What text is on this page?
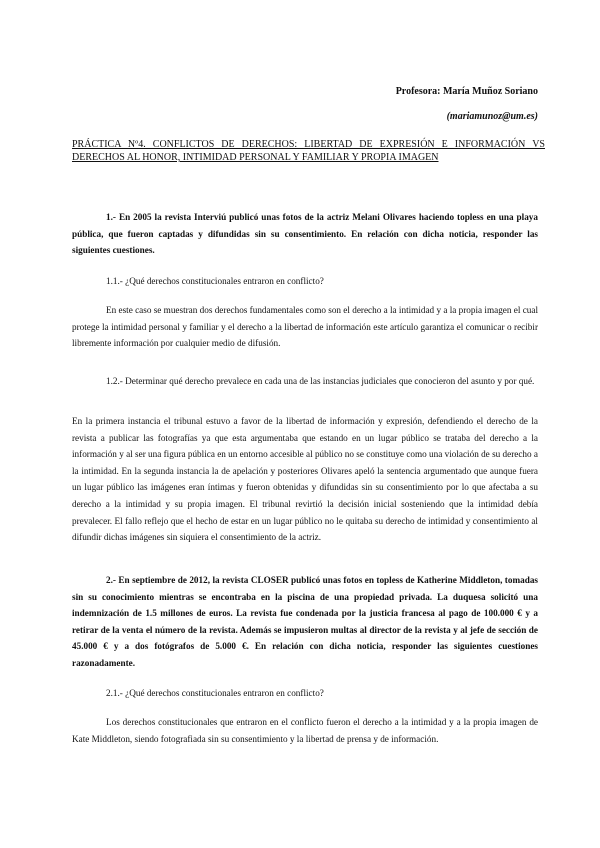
Profesora: María Muñoz Soriano
(mariamunoz@um.es)
PRÁCTICA Nº4. CONFLICTOS DE DERECHOS: LIBERTAD DE EXPRESIÓN E INFORMACIÓN VS DERECHOS AL HONOR, INTIMIDAD PERSONAL Y FAMILIAR Y PROPIA IMAGEN
1.- En 2005 la revista Interviú publicó unas fotos de la actriz Melani Olivares haciendo topless en una playa pública, que fueron captadas y difundidas sin su consentimiento. En relación con dicha noticia, responder las siguientes cuestiones.
1.1.- ¿Qué derechos constitucionales entraron en conflicto?
En este caso se muestran dos derechos fundamentales como son el derecho a la intimidad y a la propia imagen el cual protege la intimidad personal y familiar y el derecho a la libertad de información este artículo garantiza el comunicar o recibir libremente información por cualquier medio de difusión.
1.2.- Determinar qué derecho prevalece en cada una de las instancias judiciales que conocieron del asunto y por qué.
En la primera instancia el tribunal estuvo a favor de la libertad de información y expresión, defendiendo el derecho de la revista a publicar las fotografías ya que esta argumentaba que estando en un lugar público se trataba del derecho a la información y al ser una figura pública en un entorno accesible al público no se constituye como una violación de su derecho a la intimidad. En la segunda instancia la de apelación y posteriores Olivares apeló la sentencia argumentado que aunque fuera un lugar público las imágenes eran íntimas y fueron obtenidas y difundidas sin su consentimiento por lo que afectaba a su derecho a la intimidad y su propia imagen. El tribunal revirtió la decisión inicial sosteniendo que la intimidad debía prevalecer. El fallo reflejo que el hecho de estar en un lugar público no le quitaba su derecho de intimidad y consentimiento al difundir dichas imágenes sin siquiera el consentimiento de la actriz.
2.- En septiembre de 2012, la revista CLOSER publicó unas fotos en topless de Katherine Middleton, tomadas sin su conocimiento mientras se encontraba en la piscina de una propiedad privada. La duquesa solicitó una indemnización de 1.5 millones de euros. La revista fue condenada por la justicia francesa al pago de 100.000 € y a retirar de la venta el número de la revista. Además se impusieron multas al director de la revista y al jefe de sección de 45.000 € y a dos fotógrafos de 5.000 €. En relación con dicha noticia, responder las siguientes cuestiones razonadamente.
2.1.- ¿Qué derechos constitucionales entraron en conflicto?
Los derechos constitucionales que entraron en el conflicto fueron el derecho a la intimidad y a la propia imagen de Kate Middleton, siendo fotografiada sin su consentimiento y la libertad de prensa y de información.
